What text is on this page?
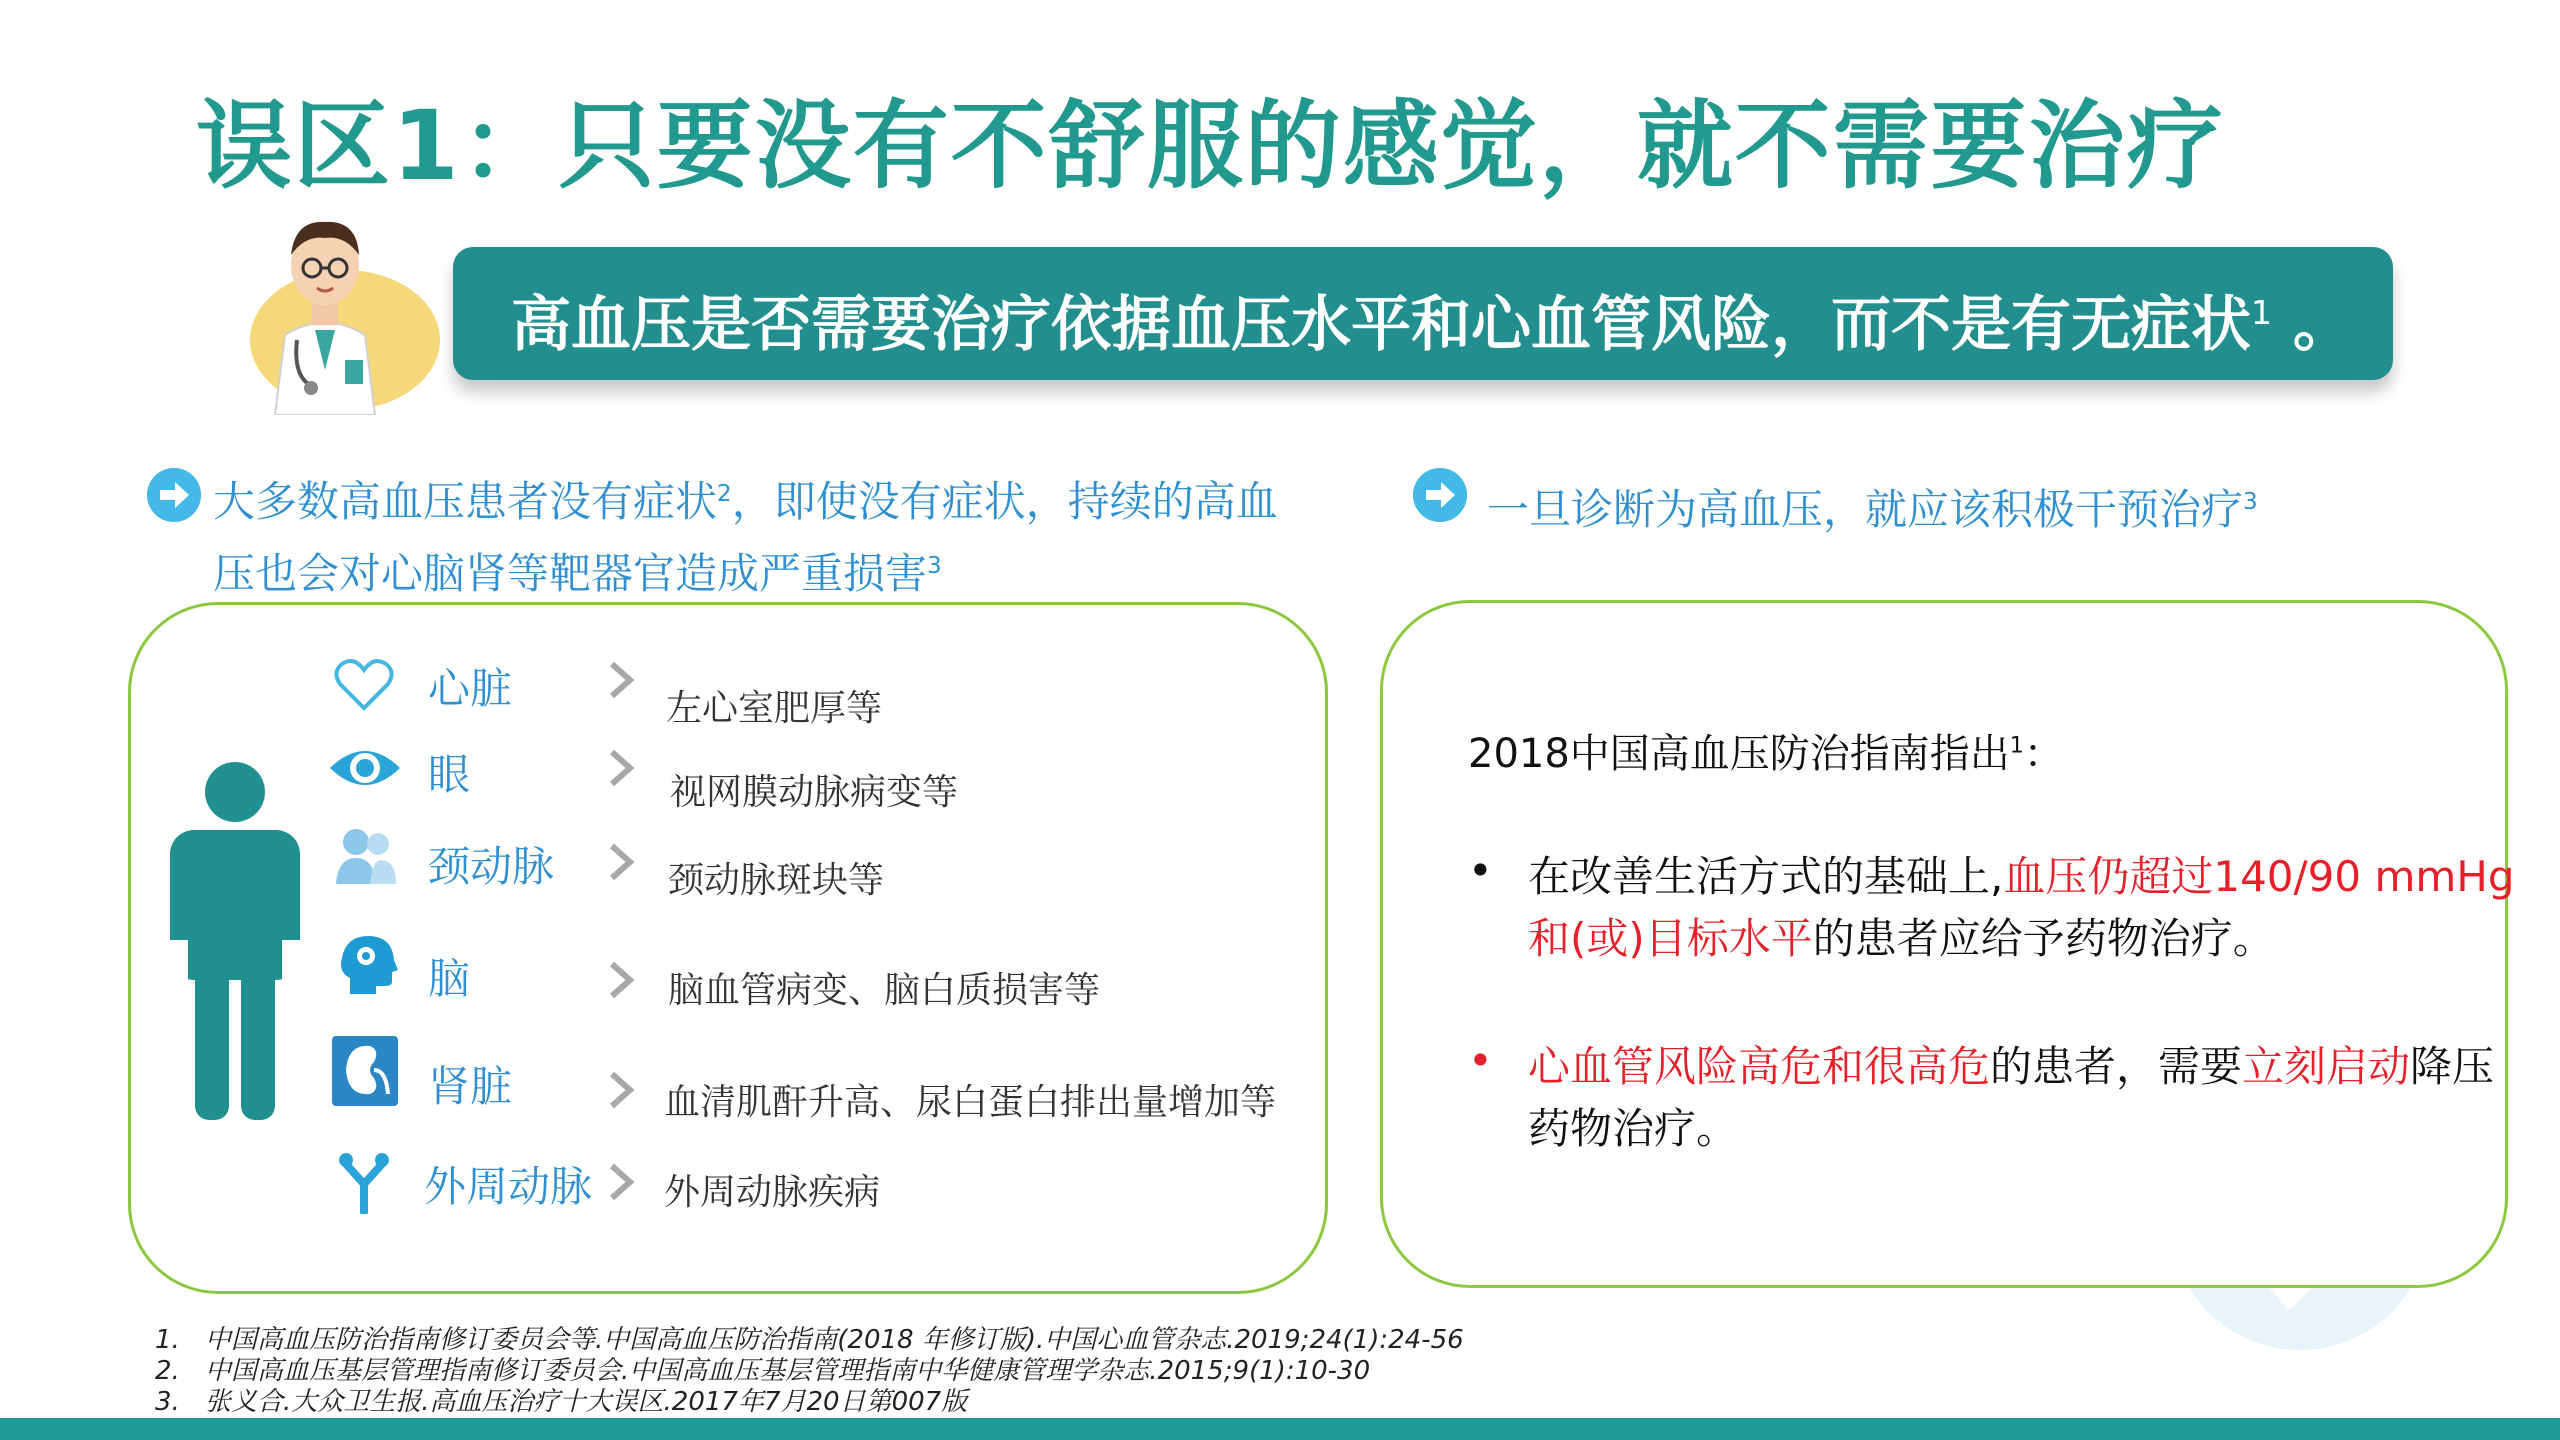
误区1：只要没有不舒服的感觉，就不需要治疗
高血压是否需要治疗依据血压水平和心血管风险，而不是有无症状$^1$ 。
大多数高血压患者没有症状$^2$，即使没有症状，持续的高血
压也会对心脑肾等靶器官造成严重损害$^3$
一旦诊断为高血压，就应该积极干预治疗$^3$
心脏	左心室肥厚等
眼	视网膜动脉病变等
颈动脉	颈动脉斑块等
脑	脑血管病变、脑白质损害等
肾脏	血清肌酐升高、尿白蛋白排出量增加等
外周动脉 外周动脉疾病
2018中国高血压防治指南指出$^1$：
• 在改善生活方式的基础上,血压仍超过140/90 mmHg 和(或)目标水平的患者应给予药物治疗。
• 心血管风险高危和很高危的患者，需要立刻启动降压药物治疗。
1. 中国高血压防治指南修订委员会等.中国高血压防治指南(2018 年修订版).中国心血管杂志.2019;24(1):24-56
2. 中国高血压基层管理指南修订委员会.中国高血压基层管理指南中华健康管理学杂志.2015;9(1):10-30
3. 张义合.大众卫生报.高血压治疗十大误区.2017年7月20日第007版
